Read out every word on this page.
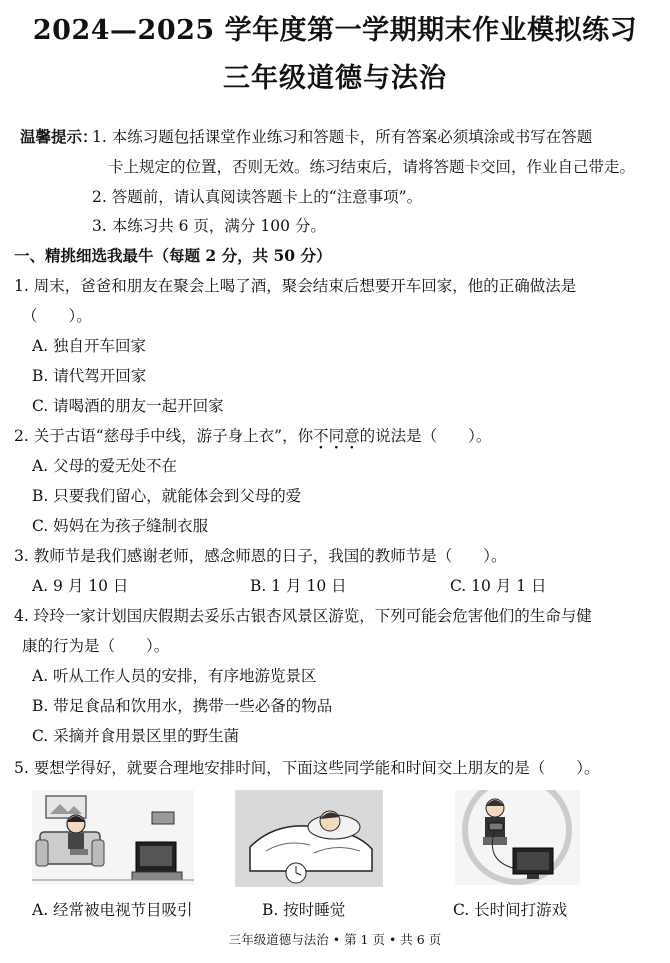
2024—2025 学年度第一学期期末作业模拟练习
三年级道德与法治
温馨提示：
1. 本练习题包括课堂作业练习和答题卡，所有答案必须填涂或书写在答题
卡上规定的位置，否则无效。练习结束后，请将答题卡交回，作业自己带走。
2. 答题前，请认真阅读答题卡上的“注意事项”。
3. 本练习共 6 页，满分 100 分。
一、精挑细选我最牛（每题 2 分，共 50 分）
1. 周末，爸爸和朋友在聚会上喝了酒，聚会结束后想要开车回家，他的正确做法是
（　　）。
A. 独自开车回家
B. 请代驾开回家
C. 请喝酒的朋友一起开回家
2. 关于古语“慈母手中线，游子身上衣”，你不同意的说法是（　　）。
A. 父母的爱无处不在
B. 只要我们留心，就能体会到父母的爱
C. 妈妈在为孩子缝制衣服
3. 教师节是我们感谢老师，感念师恩的日子，我国的教师节是（　　）。
A. 9 月 10 日	B. 1 月 10 日	C. 10 月 1 日
4. 玲玲一家计划国庆假期去妥乐古银杏风景区游览，下列可能会危害他们的生命与健
康的行为是（　　）。
A. 听从工作人员的安排，有序地游览景区
B. 带足食品和饮用水，携带一些必备的物品
C. 采摘并食用景区里的野生菌
5. 要想学得好，就要合理地安排时间，下面这些同学能和时间交上朋友的是（　　）。
A. 经常被电视节目吸引	B. 按时睡觉	C. 长时间打游戏
三年级道德与法治 • 第 1 页 • 共 6 页
